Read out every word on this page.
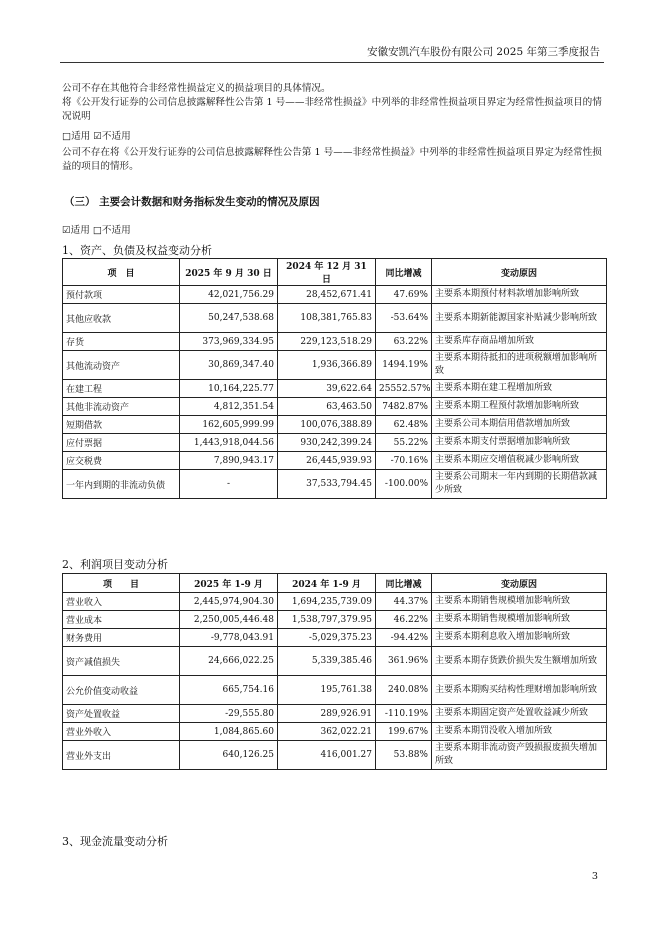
安徽安凯汽车股份有限公司 2025 年第三季度报告

公司不存在其他符合非经常性损益定义的损益项目的具体情况。

将《公开发行证券的公司信息披露解释性公告第 1 号——非经常性损益》中列举的非经常性损益项目界定为经常性损益项目的情况说明

□适用 ☑不适用

公司不存在将《公开发行证券的公司信息披露解释性公告第 1 号——非经常性损益》中列举的非经常性损益项目界定为经常性损益的项目的情形。

（三） 主要会计数据和财务指标发生变动的情况及原因
☑适用 □不适用
1、资产、负债及权益变动分析
项　目	2025 年 9 月 30 日	2024 年 12 月 31 日	同比增减	变动原因
预付款项	42,021,756.29	28,452,671.41	47.69%	主要系本期预付材料款增加影响所致
其他应收款	50,247,538.68	108,381,765.83	-53.64%	主要系本期新能源国家补贴减少影响所致
存货	373,969,334.95	229,123,518.29	63.22%	主要系库存商品增加所致
其他流动资产	30,869,347.40	1,936,366.89	1494.19%	主要系本期待抵扣的进项税额增加影响所致
在建工程	10,164,225.77	39,622.64	25552.57%	主要系本期在建工程增加所致
其他非流动资产	4,812,351.54	63,463.50	7482.87%	主要系本期工程预付款增加影响所致
短期借款	162,605,999.99	100,076,388.89	62.48%	主要系公司本期信用借款增加所致
应付票据	1,443,918,044.56	930,242,399.24	55.22%	主要系本期支付票据增加影响所致
应交税费	7,890,943.17	26,445,939.93	-70.16%	主要系本期应交增值税减少影响所致
一年内到期的非流动负债	-	37,533,794.45	-100.00%	主要系公司期末一年内到期的长期借款减少所致
2、利润项目变动分析
项　　目	2025 年 1-9 月	2024 年 1-9 月	同比增减	变动原因
营业收入	2,445,974,904.30	1,694,235,739.09	44.37%	主要系本期销售规模增加影响所致
营业成本	2,250,005,446.48	1,538,797,379.95	46.22%	主要系本期销售规模增加影响所致
财务费用	-9,778,043.91	-5,029,375.23	-94.42%	主要系本期利息收入增加影响所致
资产减值损失	24,666,022.25	5,339,385.46	361.96%	主要系本期存货跌价损失发生额增加所致
公允价值变动收益	665,754.16	195,761.38	240.08%	主要系本期购买结构性理财增加影响所致
资产处置收益	-29,555.80	289,926.91	-110.19%	主要系本期固定资产处置收益减少所致
营业外收入	1,084,865.60	362,022.21	199.67%	主要系本期罚没收入增加所致
营业外支出	640,126.25	416,001.27	53.88%	主要系本期非流动资产毁损报废损失增加所致
3、现金流量变动分析
3
